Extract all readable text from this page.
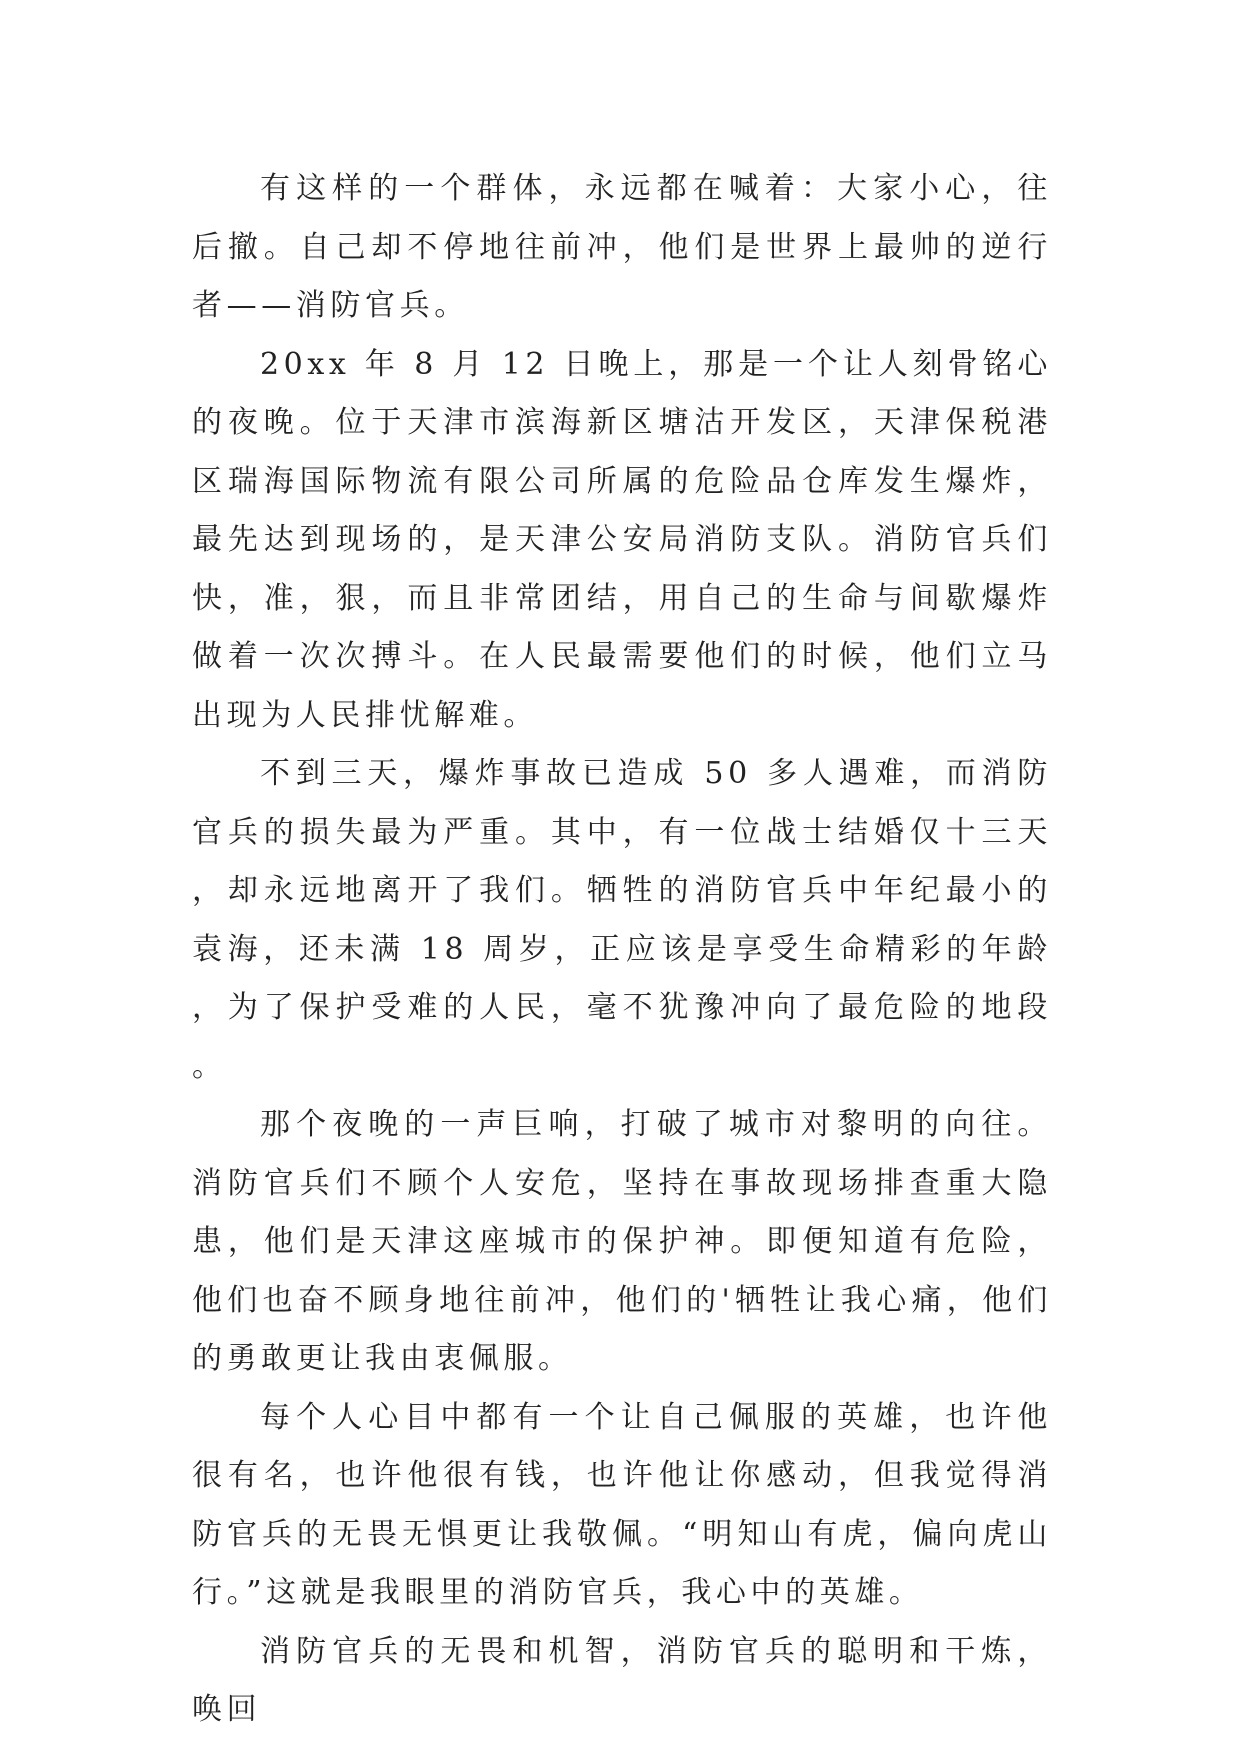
有这样的一个群体，永远都在喊着：大家小心，往后撤。自己却不停地往前冲，他们是世界上最帅的逆行者——消防官兵。

20xx 年 8 月 12 日晚上，那是一个让人刻骨铭心的夜晚。位于天津市滨海新区塘沽开发区，天津保税港区瑞海国际物流有限公司所属的危险品仓库发生爆炸，最先达到现场的，是天津公安局消防支队。消防官兵们快，准，狠，而且非常团结，用自己的生命与间歇爆炸做着一次次搏斗。在人民最需要他们的时候，他们立马出现为人民排忧解难。

不到三天，爆炸事故已造成 50 多人遇难，而消防官兵的损失最为严重。其中，有一位战士结婚仅十三天，却永远地离开了我们。牺牲的消防官兵中年纪最小的袁海，还未满 18 周岁，正应该是享受生命精彩的年龄，为了保护受难的人民，毫不犹豫冲向了最危险的地段。

那个夜晚的一声巨响，打破了城市对黎明的向往。消防官兵们不顾个人安危，坚持在事故现场排查重大隐患，他们是天津这座城市的保护神。即便知道有危险，他们也奋不顾身地往前冲，他们的'牺牲让我心痛，他们的勇敢更让我由衷佩服。

每个人心目中都有一个让自己佩服的英雄，也许他很有名，也许他很有钱，也许他让你感动，但我觉得消防官兵的无畏无惧更让我敬佩。“明知山有虎，偏向虎山行。”这就是我眼里的消防官兵，我心中的英雄。

消防官兵的无畏和机智，消防官兵的聪明和干炼，唤回
